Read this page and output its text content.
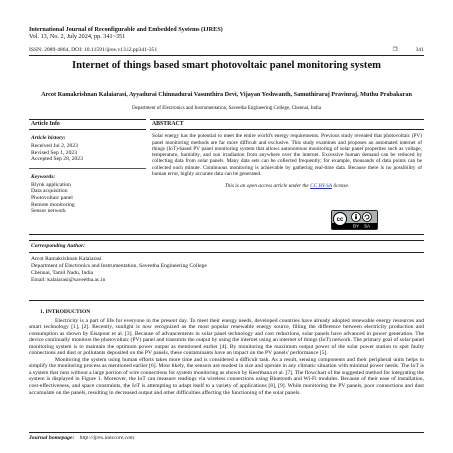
International Journal of Reconfigurable and Embedded Systems (IJRES)
Vol. 13, No. 2, July 2024, pp. 341~351
ISSN: 2089-4864, DOI: 10.11591/ijres.v13.i2.pp341-351	❐	341
Internet of things based smart photovoltaic panel monitoring system
Arcot Ramakrishnan Kalaiarasi, Ayyadurai Chinnadurai Vasunthira Devi, Vijayan Yeshwanth, Samuthiraraj Pravinraj, Muthu Prabakaran
Department of Electronics and Instrumentation, Saveetha Engineering College, Chennai, India
Article Info
Article history:
Received Jul 2, 2023
Revised Sep 1, 2023
Accepted Sep 28, 2023
Keywords:
Blynk application
Data acquisition
Photovoltaic panel
Remote monitoring
Sensor network
ABSTRACT
Solar energy has the potential to meet the entire world's energy requirements. Previous study revealed that photovoltaic (PV) panel monitoring methods are far more difficult and exclusive. This study examines and proposes an automated internet of things (IoT)-based PV panel monitoring system that allows autonomous monitoring of solar panel properties such as voltage, temperature, humidity, and sun irradiation from anywhere over the internet. Excessive human demand can be reduced by collecting data from solar panels. Many data sets can be collected frequently; for example, thousands of data points can be collected each minute. Continuous monitoring is achievable by gathering real-time data. Because there is no possibility of human error, highly accurate data can be generated.
This is an open access article under the CC BY-SA license.
cc
BY SA
Corresponding Author:
Arcot Ramakrishnan Kalaiarasi
Department of Electronics and Instrumentation, Saveetha Engineering College
Chennai, Tamil Nadu, India
Email: kalaiarasi@saveetha.ac.in
1. INTRODUCTION
Electricity is a part of life for everyone in the present day. To meet their energy needs, developed countries have already adopted renewable energy resources and smart technology [1], [2]. Recently, sunlight is now recognized as the most popular renewable energy source, filling the difference between electricity production and consumption as shown by Eisapour et al. [3]. Because of advancements in solar panel technology and cost reductions, solar panels have advanced in power generation. The device continually monitors the photovoltaic (PV) panel and transmits the output by using the internet using an internet of things (IoT) network. The primary goal of solar panel monitoring system is to maintain the optimum power output as mentioned earlier [4]. By monitoring the maximum output power of the solar power station to spot faulty connections and dust or pollutants deposited on the PV panels, these contaminants have an impact on the PV panels' performance [5].
Monitoring the system using human efforts takes more time and is considered a difficult task. As a result, sensing components and their peripheral units helps to simplify the monitoring process as mentioned earlier [6]. Most likely, the sensors are modest in size and operate in any climatic situation with minimal power needs. The IoT is a system that runs without a large portion of wire connections for system monitoring as shown by Keerthana et al. [7]. The flowchart of the suggested method for integrating the system is displayed in Figure 1. Moreover, the IoT can measure readings via wireless connections using Bluetooth and Wi-Fi modules. Because of their ease of installation, cost-effectiveness, and space constraints, the IoT is attempting to adapt itself to a variety of applications [8], [9]. While monitoring the PV panels, poor connections and dust accumulate on the panels, resulting in decreased output and other difficulties affecting the functioning of the solar panels.
Journal homepage: http://ijres.iaescore.com
